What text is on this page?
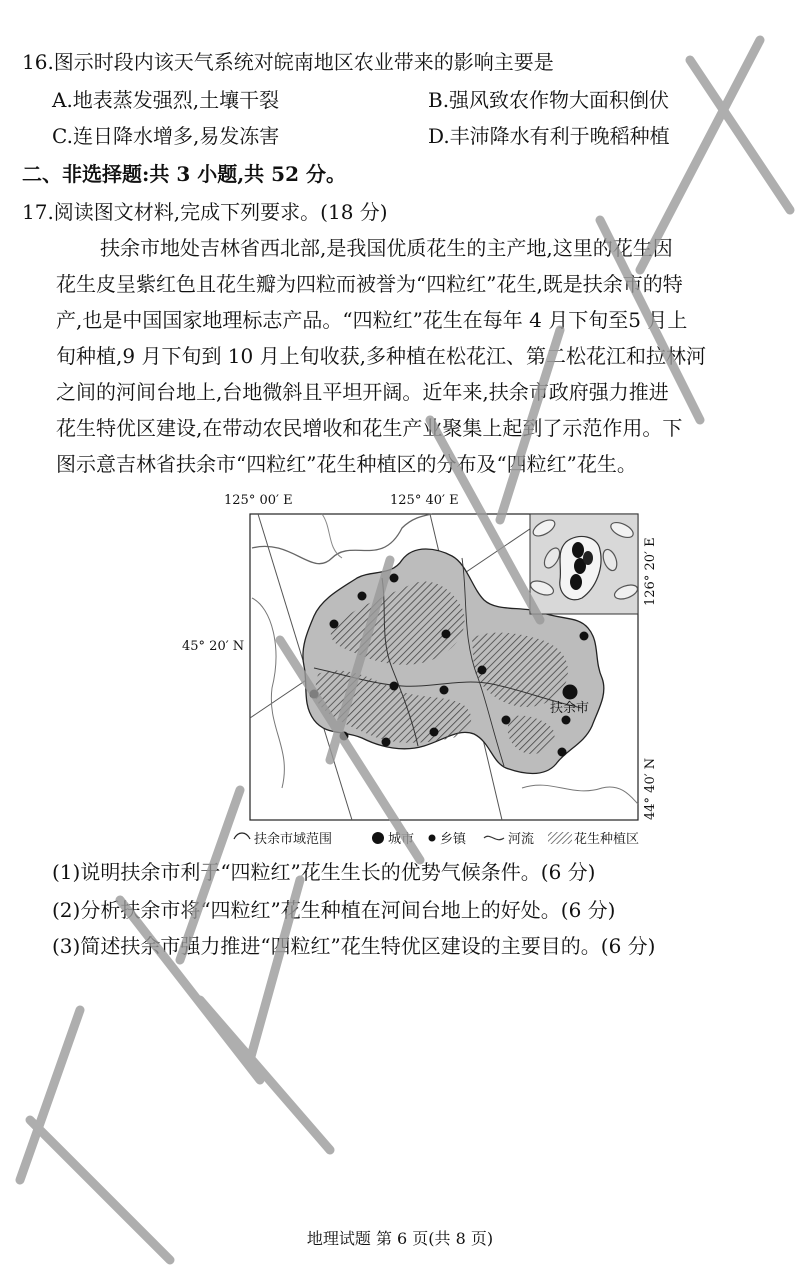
16.图示时段内该天气系统对皖南地区农业带来的影响主要是
A.地表蒸发强烈,土壤干裂	B.强风致农作物大面积倒伏
C.连日降水增多,易发冻害	D.丰沛降水有利于晚稻种植
二、非选择题:共 3 小题,共 52 分。
17.阅读图文材料,完成下列要求。(18 分)
扶余市地处吉林省西北部,是我国优质花生的主产地,这里的花生因
花生皮呈紫红色且花生瓣为四粒而被誉为“四粒红”花生,既是扶余市的特
产,也是中国国家地理标志产品。“四粒红”花生在每年 4 月下旬至5 月上
旬种植,9 月下旬到 10 月上旬收获,多种植在松花江、第二松花江和拉林河
之间的河间台地上,台地微斜且平坦开阔。近年来,扶余市政府强力推进
花生特优区建设,在带动农民增收和花生产业聚集上起到了示范作用。下
图示意吉林省扶余市“四粒红”花生种植区的分布及“四粒红”花生。
125° 00′ E	125° 40′ E
45° 20′ N
扶余市
126° 20′ E
44° 40′ N
扶余市域范围	城市 乡镇	河流	花生种植区
(1)说明扶余市利于“四粒红”花生生长的优势气候条件。(6 分)
(2)分析扶余市将“四粒红”花生种植在河间台地上的好处。(6 分)
(3)简述扶余市强力推进“四粒红”花生特优区建设的主要目的。(6 分)
地理试题 第 6 页(共 8 页)
